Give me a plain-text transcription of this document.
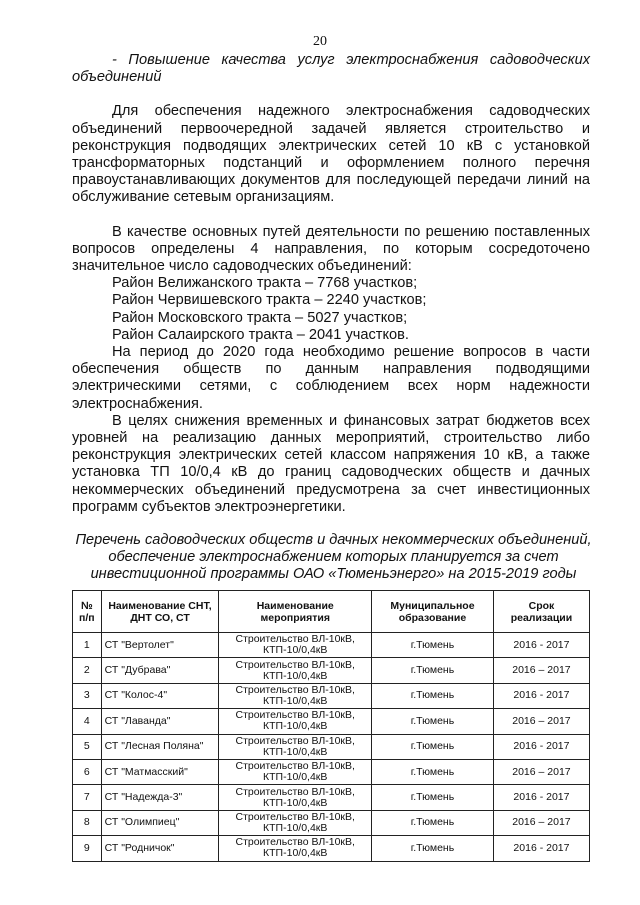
20

- Повышение качества услуг электроснабжения садоводческих объединений

Для обеспечения надежного электроснабжения садоводческих объединений первоочередной задачей является строительство и реконструкция подводящих электрических сетей 10 кВ с установкой трансформаторных подстанций и оформлением полного перечня правоустанавливающих документов для последующей передачи линий на обслуживание сетевым организациям.

В качестве основных путей деятельности по решению поставленных вопросов определены 4 направления, по которым сосредоточено значительное число садоводческих объединений:

Район Велижанского тракта – 7768 участков;

Район Червишевского тракта – 2240 участков;

Район Московского тракта – 5027 участков;

Район Салаирского тракта – 2041 участков.

На период до 2020 года необходимо решение вопросов в части обеспечения обществ по данным направления подводящими электрическими сетями, с соблюдением всех норм надежности электроснабжения.

В целях снижения временных и финансовых затрат бюджетов всех уровней на реализацию данных мероприятий, строительство либо реконструкция электрических сетей классом напряжения 10 кВ, а также установка ТП 10/0,4 кВ до границ садоводческих обществ и дачных некоммерческих объединений предусмотрена за счет инвестиционных программ субъектов электроэнергетики.

Перечень садоводческих обществ и дачных некоммерческих объединений, обеспечение электроснабжением которых планируется за счет инвестиционной программы ОАО «Тюменьэнерго» на 2015-2019 годы
№ п/п	Наименование СНТ, ДНТ СО, СТ	Наименование мероприятия	Муниципальное образование	Срок реализации
1	СТ "Вертолет"	Строительство ВЛ-10кВ, КТП-10/0,4кВ	г.Тюмень	2016 - 2017
2	СТ "Дубрава"	Строительство ВЛ-10кВ, КТП-10/0,4кВ	г.Тюмень	2016 – 2017
3	СТ "Колос-4"	Строительство ВЛ-10кВ, КТП-10/0,4кВ	г.Тюмень	2016 - 2017
4	СТ "Лаванда"	Строительство ВЛ-10кВ, КТП-10/0,4кВ	г.Тюмень	2016 – 2017
5	СТ "Лесная Поляна"	Строительство ВЛ-10кВ, КТП-10/0,4кВ	г.Тюмень	2016 - 2017
6	СТ "Матмасский"	Строительство ВЛ-10кВ, КТП-10/0,4кВ	г.Тюмень	2016 – 2017
7	СТ "Надежда-3"	Строительство ВЛ-10кВ, КТП-10/0,4кВ	г.Тюмень	2016 - 2017
8	СТ "Олимпиец"	Строительство ВЛ-10кВ, КТП-10/0,4кВ	г.Тюмень	2016 – 2017
9	СТ "Родничок"	Строительство ВЛ-10кВ, КТП-10/0,4кВ	г.Тюмень	2016 - 2017
